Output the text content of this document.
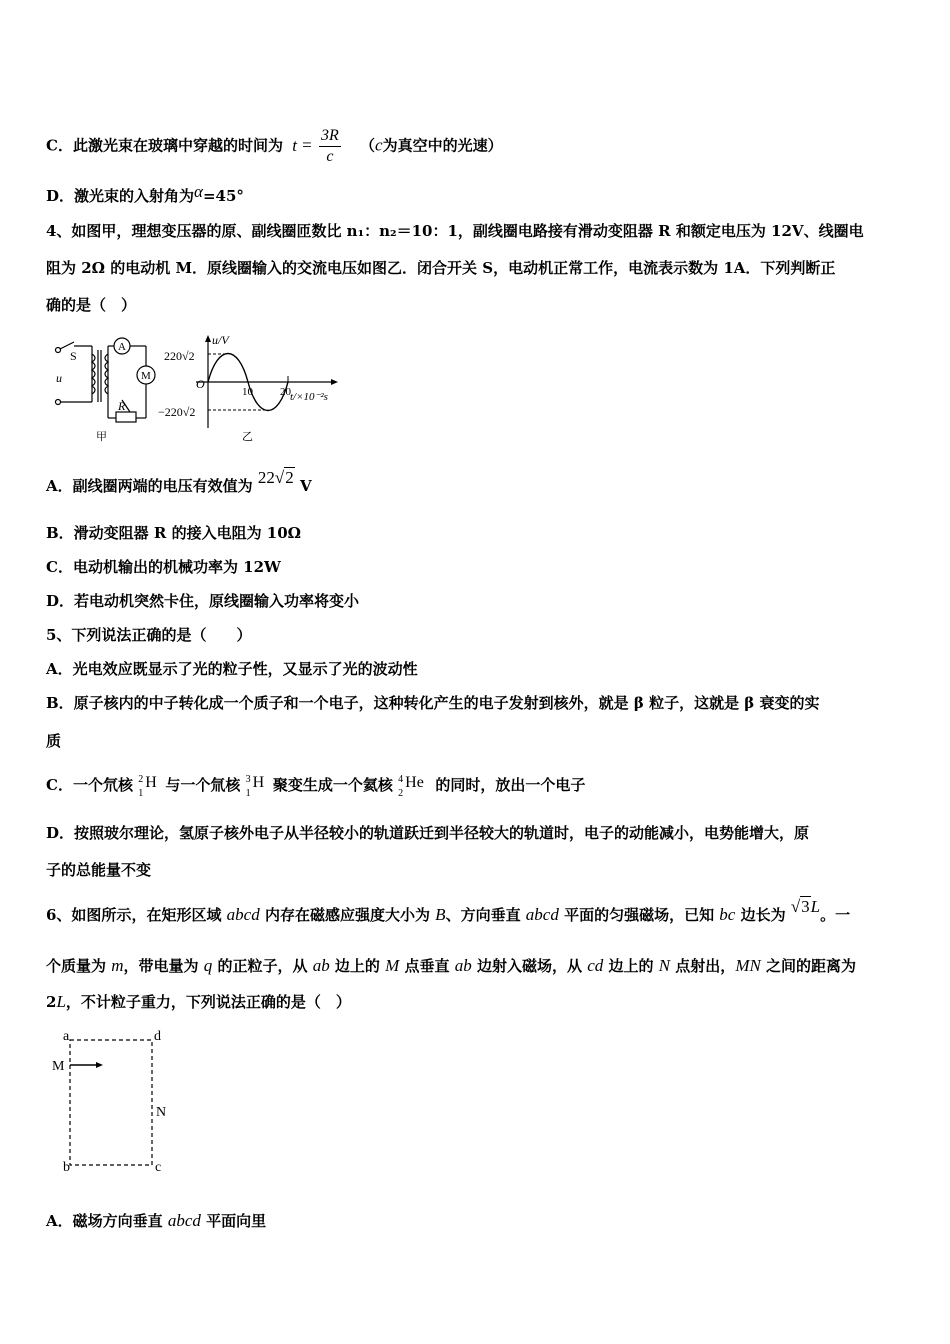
C．此激光束在玻璃中穿越的时间为 $t = \frac{3R}{c} (c$为真空中的光速）
D．激光束的入射角为α=45°
4、如图甲，理想变压器的原、副线圈匝数比 n₁：n₂＝10：1，副线圈电路接有滑动变阻器 R 和额定电压为 12V、线圈电
阻为 2Ω 的电动机 M．原线圈输入的交流电压如图乙．闭合开关 S，电动机正常工作，电流表示数为 1A．下列判断正
确的是（　）
S
A
M
R
u
甲
u/V
220√2
−220√2
O
10 20 t/×10⁻²s
乙
A．副线圈两端的电压有效值为 22√2 V
B．滑动变阻器 R 的接入电阻为 10Ω
C．电动机输出的机械功率为 12W
D．若电动机突然卡住，原线圈输入功率将变小
5、下列说法正确的是（　　）
A．光电效应既显示了光的粒子性，又显示了光的波动性
B．原子核内的中子转化成一个质子和一个电子，这种转化产生的电子发射到核外，就是 β 粒子，这就是 β 衰变的实
质
C．一个氘核 2
1
H 与一个氚核 3
1
H 聚变生成一个氦核 4
2
He 的同时，放出一个电子
D．按照玻尔理论，氢原子核外电子从半径较小的轨道跃迁到半径较大的轨道时，电子的动能减小，电势能增大，原
子的总能量不变
6、如图所示，在矩形区域 abcd 内存在磁感应强度大小为 B、方向垂直 abcd 平面的匀强磁场，已知 bc 边长为 √3L。一
个质量为 m，带电量为 q 的正粒子，从 ab 边上的 M 点垂直 ab 边射入磁场，从 cd 边上的 N 点射出，MN 之间的距离为
2L，不计粒子重力，下列说法正确的是（　）
a	d
b	c
M
N
A．磁场方向垂直 abcd 平面向里
